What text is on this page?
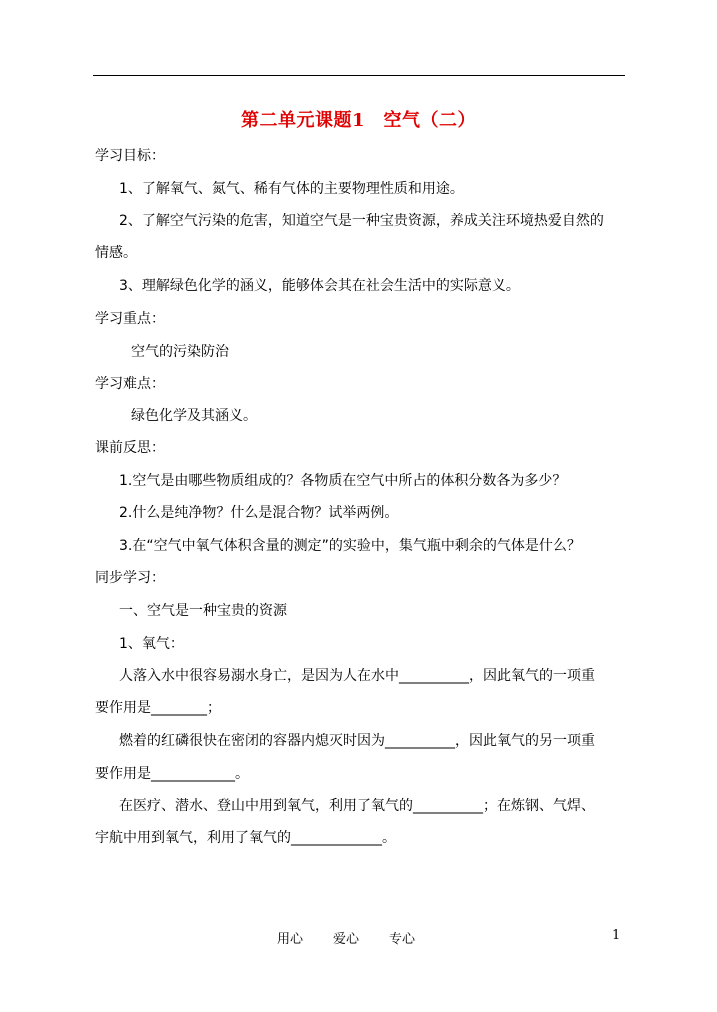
第二单元课题1　空气（二）
学习目标：
1、了解氧气、氮气、稀有气体的主要物理性质和用途。
2、了解空气污染的危害，知道空气是一种宝贵资源，养成关注环境热爱自然的
情感。
3、理解绿色化学的涵义，能够体会其在社会生活中的实际意义。
学习重点：
空气的污染防治
学习难点：
绿色化学及其涵义。
课前反思：
1.空气是由哪些物质组成的？各物质在空气中所占的体积分数各为多少？
2.什么是纯净物？什么是混合物？试举两例。
3.在“空气中氧气体积含量的测定”的实验中，集气瓶中剩余的气体是什么？
同步学习：
一、空气是一种宝贵的资源
1、氧气：
人落入水中很容易溺水身亡，是因为人在水中__________，因此氧气的一项重
要作用是________；
燃着的红磷很快在密闭的容器内熄灭时因为__________，因此氧气的另一项重
要作用是____________。
在医疗、潜水、登山中用到氧气，利用了氧气的__________；在炼钢、气焊、
宇航中用到氧气，利用了氧气的_____________。
用心 爱心 专心	1
